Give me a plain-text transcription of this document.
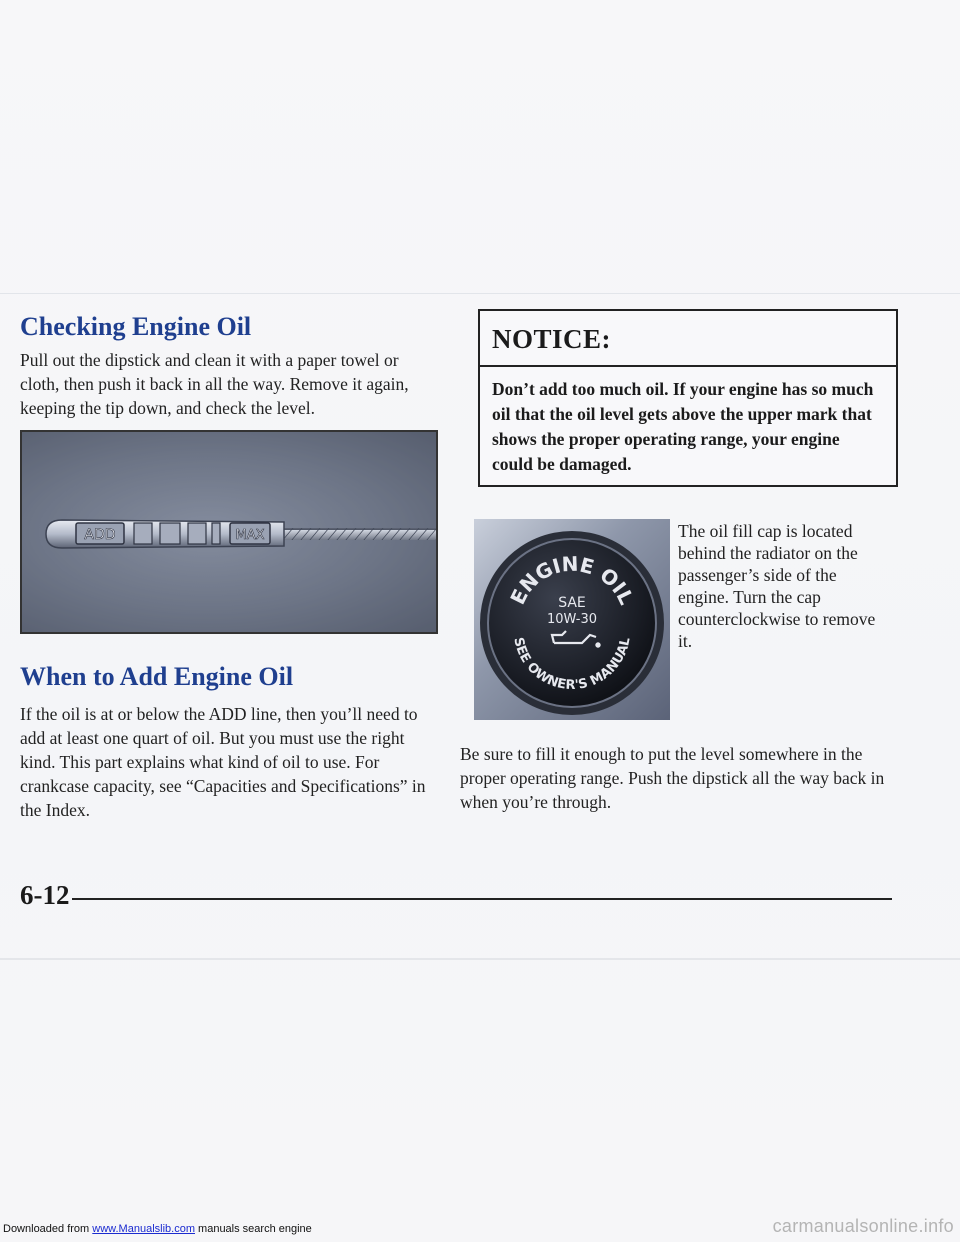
Checking Engine Oil

Pull out the dipstick and clean it with a paper towel or cloth, then push it back in all the way. Remove it again, keeping the tip down, and check the level.

ADD	MAX
When to Add Engine Oil

If the oil is at or below the ADD line, then you’ll need to add at least one quart of oil. But you must use the right kind. This part explains what kind of oil to use. For crankcase capacity, see “Capacities and Specifications” in the Index.

NOTICE:
Don’t add too much oil. If your engine has so much oil that the oil level gets above the upper mark that shows the proper operating range, your engine could be damaged.
ENGINE OIL
SEE OWNER'S MANUAL
SAE
10W-30

The oil fill cap is located behind the radiator on the passenger’s side of the engine. Turn the cap counterclockwise to remove it.

Be sure to fill it enough to put the level somewhere in the proper operating range. Push the dipstick all the way back in when you’re through.

6-12
Downloaded from www.Manualslib.com manuals search engine	carmanualsonline.info
